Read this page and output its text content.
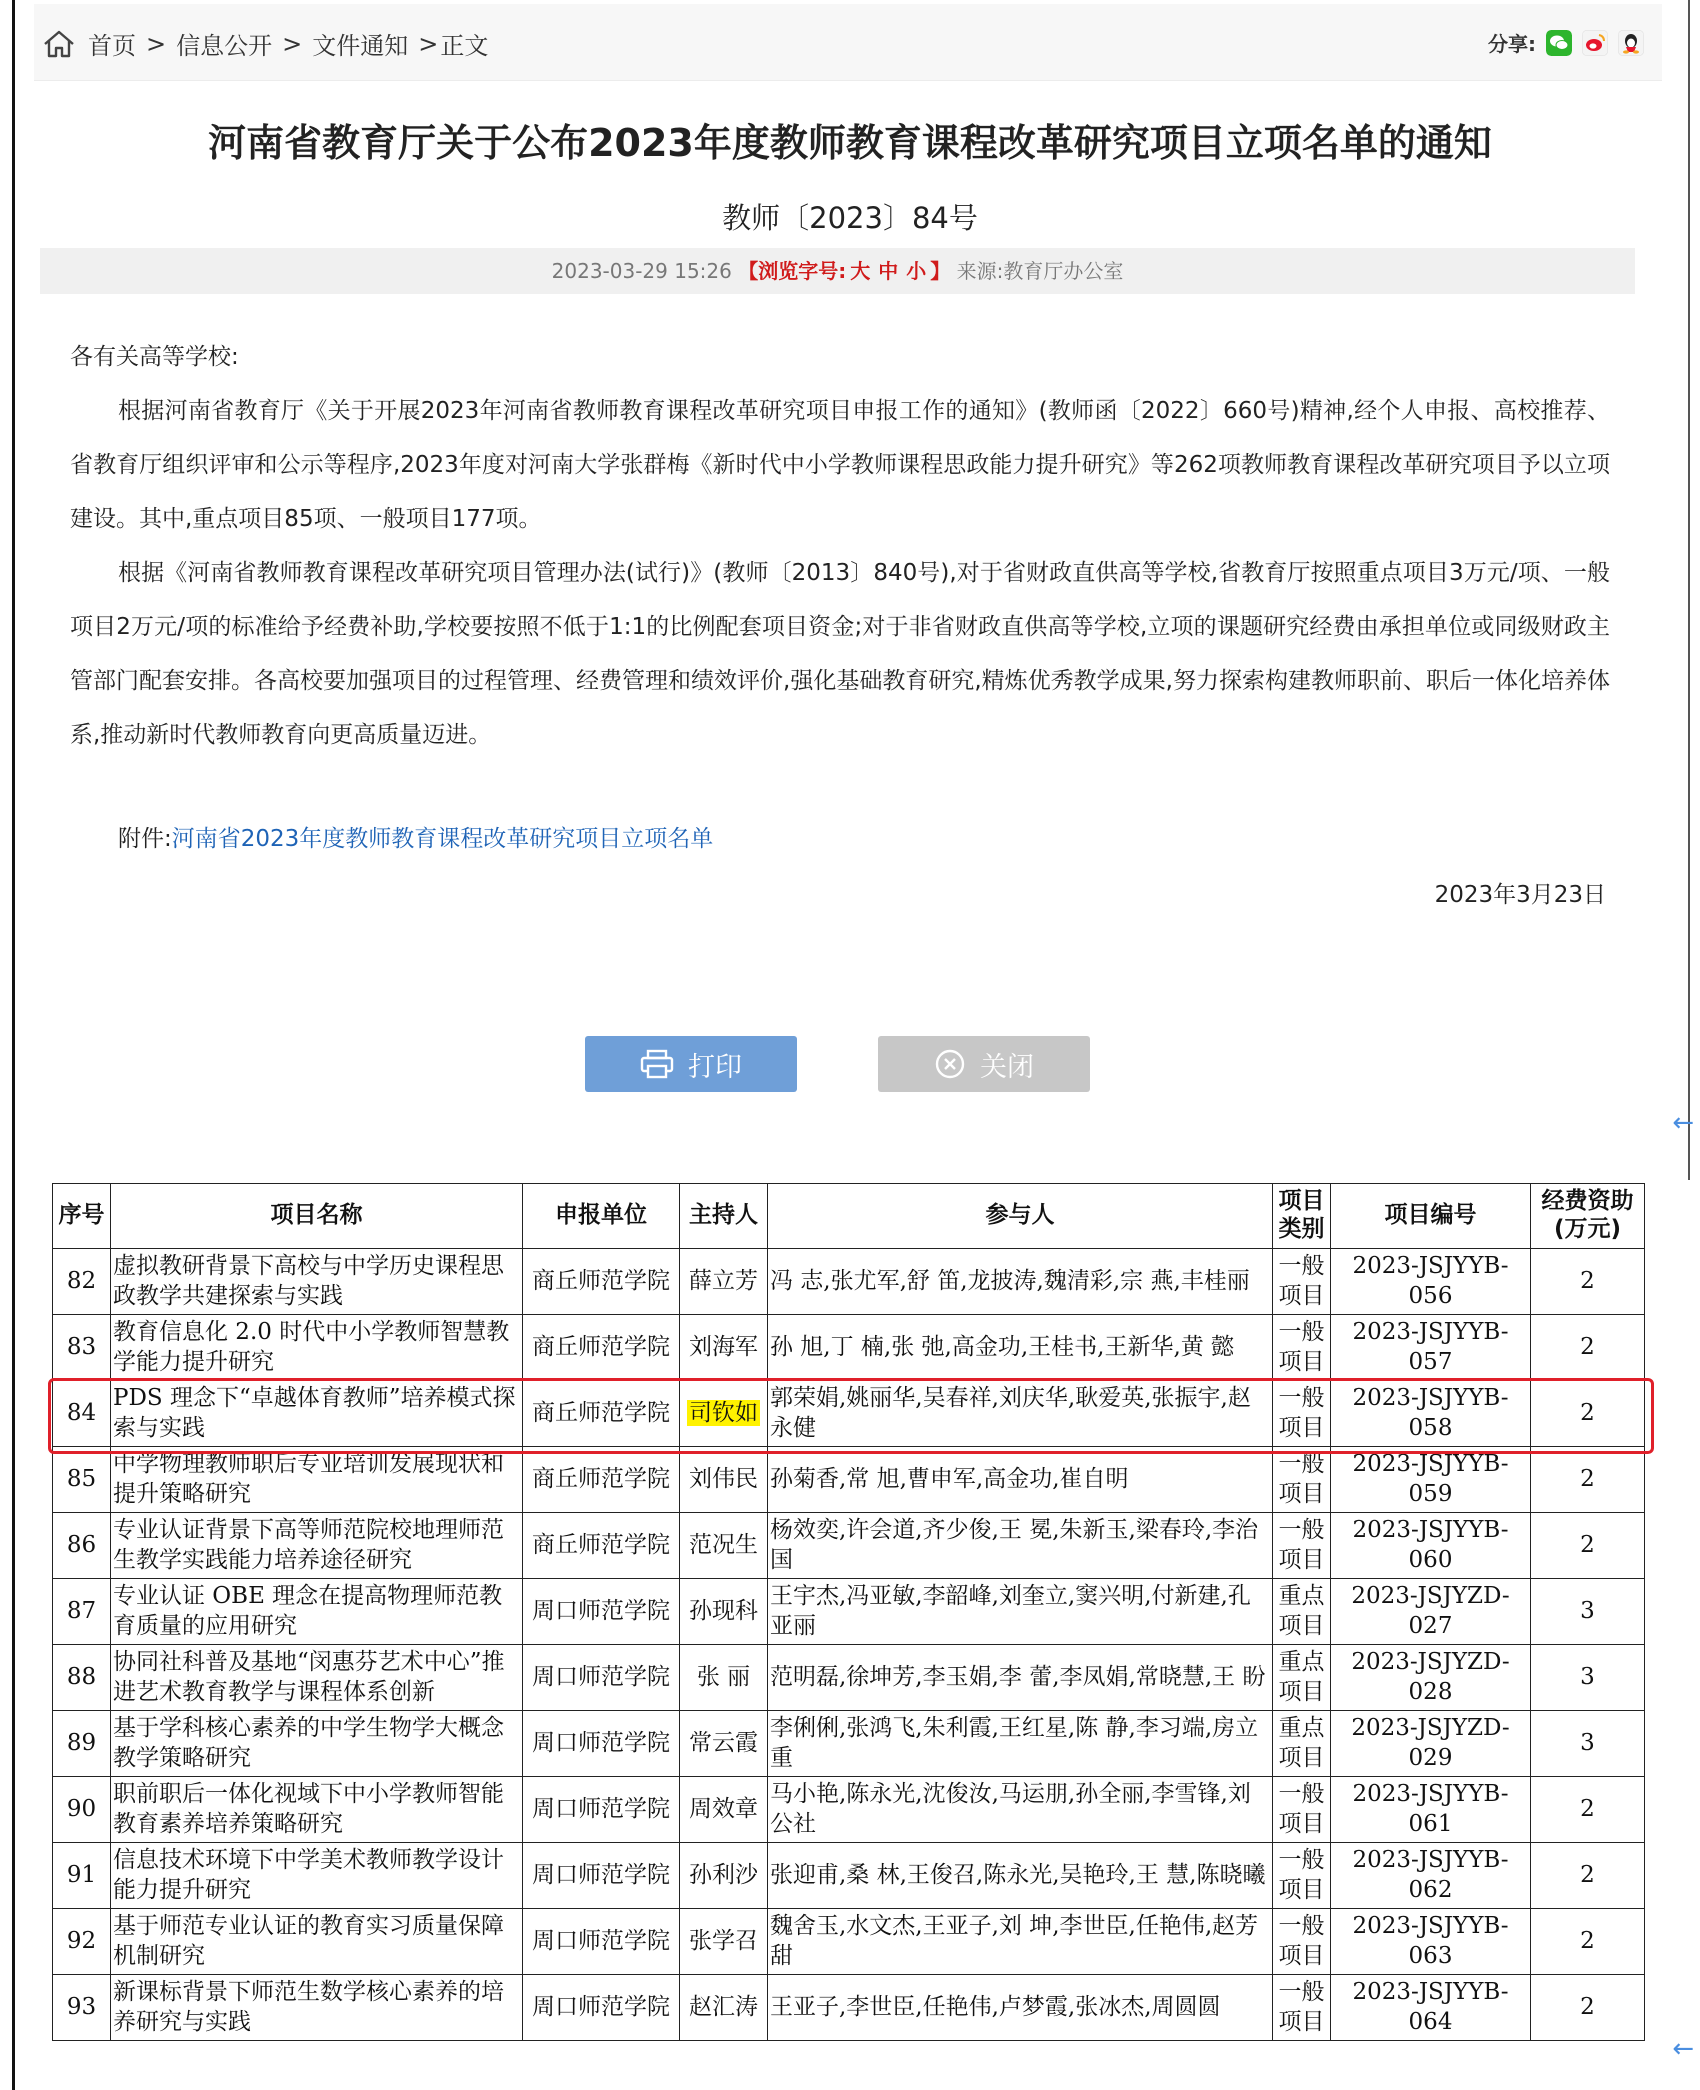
首页 > 信息公开 > 文件通知 > 正文	分享:
河南省教育厅关于公布2023年度教师教育课程改革研究项目立项名单的通知
教师〔2023〕84号
2023-03-29 15:26 【浏览字号: 大 中 小 】 来源:教育厅办公室

各有关高等学校:

根据河南省教育厅《关于开展2023年河南省教师教育课程改革研究项目申报工作的通知》(教师函〔2022〕660号)精神,经个人申报、高校推荐、省教育厅组织评审和公示等程序,2023年度对河南大学张群梅《新时代中小学教师课程思政能力提升研究》等262项教师教育课程改革研究项目予以立项建设。其中,重点项目85项、一般项目177项。

根据《河南省教师教育课程改革研究项目管理办法(试行)》(教师〔2013〕840号),对于省财政直供高等学校,省教育厅按照重点项目3万元/项、一般项目2万元/项的标准给予经费补助,学校要按照不低于1:1的比例配套项目资金;对于非省财政直供高等学校,立项的课题研究经费由承担单位或同级财政主管部门配套安排。各高校要加强项目的过程管理、经费管理和绩效评价,强化基础教育研究,精炼优秀教学成果,努力探索构建教师职前、职后一体化培养体系,推动新时代教师教育向更高质量迈进。

附件:河南省2023年度教师教育课程改革研究项目立项名单
2023年3月23日
打印	关闭
序号	项目名称	申报单位	主持人	参与人	项目类别	项目编号	经费资助(万元)
82	虚拟教研背景下高校与中学历史课程思政教学共建探索与实践	商丘师范学院	薛立芳	冯 志,张尤军,舒 笛,龙披涛,魏清彩,宗 燕,丰桂丽	一般项目	2023-JSJYYB-056	2
83	教育信息化 2.0 时代中小学教师智慧教学能力提升研究	商丘师范学院	刘海军	孙 旭,丁 楠,张 弛,高金功,王桂书,王新华,黄 懿	一般项目	2023-JSJYYB-057	2
84	PDS 理念下“卓越体育教师”培养模式探索与实践	商丘师范学院	司钦如	郭荣娟,姚丽华,吴春祥,刘庆华,耿爱英,张振宇,赵永健	一般项目	2023-JSJYYB-058	2
85	中学物理教师职后专业培训发展现状和提升策略研究	商丘师范学院	刘伟民	孙菊香,常 旭,曹申军,高金功,崔自明	一般项目	2023-JSJYYB-059	2
86	专业认证背景下高等师范院校地理师范生教学实践能力培养途径研究	商丘师范学院	范况生	杨效奕,许会道,齐少俊,王 冕,朱新玉,梁春玲,李治国	一般项目	2023-JSJYYB-060	2
87	专业认证 OBE 理念在提高物理师范教育质量的应用研究	周口师范学院	孙现科	王宇杰,冯亚敏,李韶峰,刘奎立,窦兴明,付新建,孔亚丽	重点项目	2023-JSJYZD-027	3
88	协同社科普及基地“闵惠芬艺术中心”推进艺术教育教学与课程体系创新	周口师范学院	张 丽	范明磊,徐坤芳,李玉娟,李 蕾,李凤娟,常晓慧,王 盼	重点项目	2023-JSJYZD-028	3
89	基于学科核心素养的中学生物学大概念教学策略研究	周口师范学院	常云霞	李俐俐,张鸿飞,朱利霞,王红星,陈 静,李习端,房立重	重点项目	2023-JSJYZD-029	3
90	职前职后一体化视域下中小学教师智能教育素养培养策略研究	周口师范学院	周效章	马小艳,陈永光,沈俊汝,马运朋,孙全丽,李雪锋,刘公社	一般项目	2023-JSJYYB-061	2
91	信息技术环境下中学美术教师教学设计能力提升研究	周口师范学院	孙利沙	张迎甫,桑 林,王俊召,陈永光,吴艳玲,王 慧,陈晓曦	一般项目	2023-JSJYYB-062	2
92	基于师范专业认证的教育实习质量保障机制研究	周口师范学院	张学召	魏舍玉,水文杰,王亚子,刘 坤,李世臣,任艳伟,赵芳甜	一般项目	2023-JSJYYB-063	2
93	新课标背景下师范生数学核心素养的培养研究与实践	周口师范学院	赵汇涛	王亚子,李世臣,任艳伟,卢梦霞,张冰杰,周圆圆	一般项目	2023-JSJYYB-064	2
←
←
